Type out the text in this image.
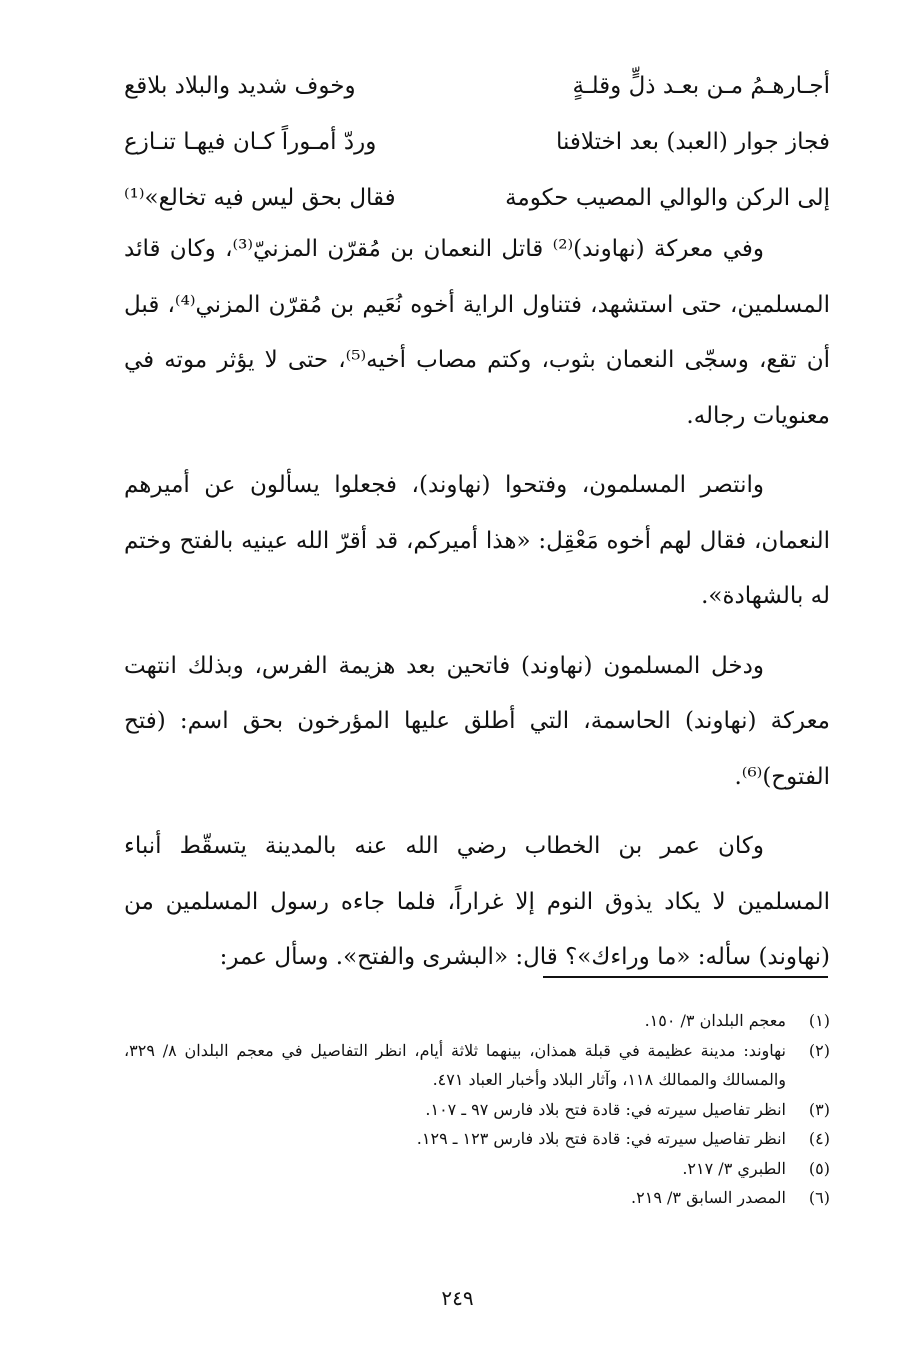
أجـارهـمُ مـن بعـد ذلٍّ وقلـةٍ
وخوف شديد والبلاد بلاقع
فجاز جوار (العبد) بعد اختلافنا
وردّ أمـوراً كـان فيهـا تنـازع
إلى الركن والوالي المصيب حكومة
فقال بحق ليس فيه تخالع»⁽¹⁾

وفي معركة (نهاوند)⁽²⁾ قاتل النعمان بن مُقرّن المزنيّ⁽³⁾، وكان قائد المسلمين، حتى استشهد، فتناول الراية أخوه نُعَيم بن مُقرّن المزني⁽⁴⁾، قبل أن تقع، وسجّى النعمان بثوب، وكتم مصاب أخيه⁽⁵⁾، حتى لا يؤثر موته في معنويات رجاله.

وانتصر المسلمون، وفتحوا (نهاوند)، فجعلوا يسألون عن أميرهم النعمان، فقال لهم أخوه مَعْقِل: «هذا أميركم، قد أقرّ الله عينيه بالفتح وختم له بالشهادة».

ودخل المسلمون (نهاوند) فاتحين بعد هزيمة الفرس، وبذلك انتهت معركة (نهاوند) الحاسمة، التي أطلق عليها المؤرخون بحق اسم: (فتح الفتوح)⁽⁶⁾.

وكان عمر بن الخطاب رضي الله عنه بالمدينة يتسقّط أنباء المسلمين لا يكاد يذوق النوم إلا غراراً، فلما جاءه رسول المسلمين من (نهاوند) سأله: «ما وراءك»؟ قال: «البشرى والفتح». وسأل عمر:

(١)
معجم البلدان ٣/ ١٥٠.
(٢)
نهاوند: مدينة عظيمة في قبلة همذان، بينهما ثلاثة أيام، انظر التفاصيل في معجم البلدان ٨/ ٣٢٩، والمسالك والممالك ١١٨، وآثار البلاد وأخبار العباد ٤٧١.
(٣)
انظر تفاصيل سيرته في: قادة فتح بلاد فارس ٩٧ ـ ١٠٧.
(٤)
انظر تفاصيل سيرته في: قادة فتح بلاد فارس ١٢٣ ـ ١٢٩.
(٥)
الطبري ٣/ ٢١٧.
(٦)
المصدر السابق ٣/ ٢١٩.
٢٤٩
